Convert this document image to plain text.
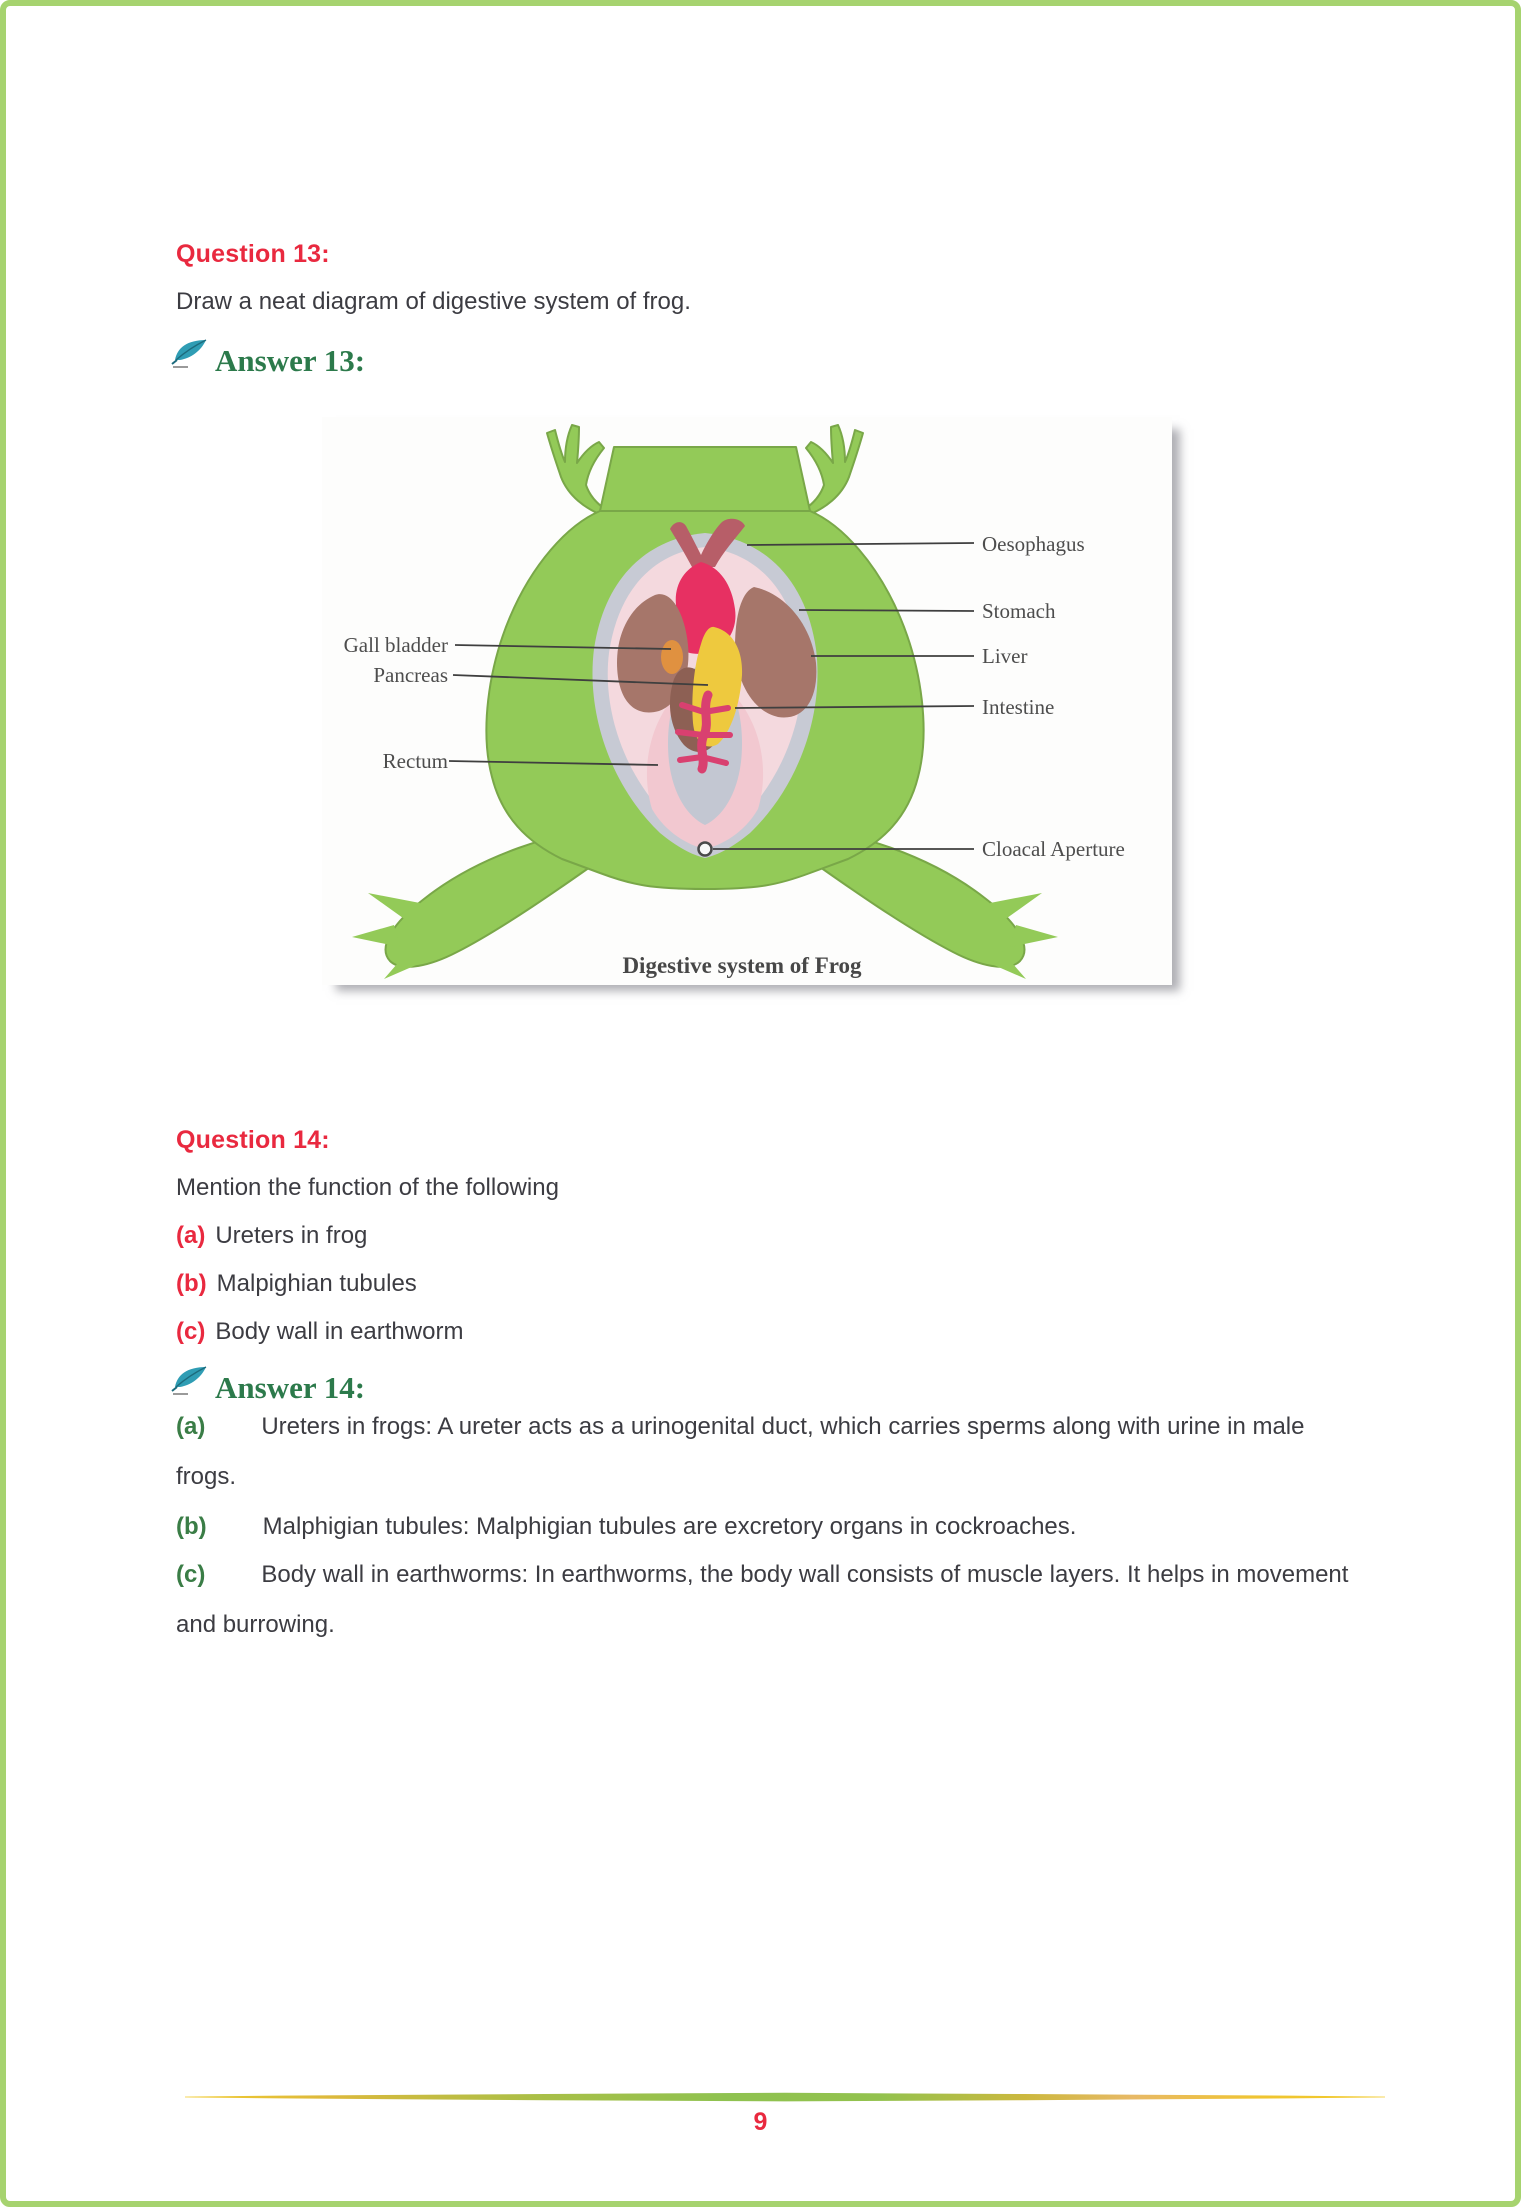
Question 13:
Draw a neat diagram of digestive system of frog.
Answer 13:
Oesophagus
Stomach
Liver
Intestine
Cloacal Aperture
Gall bladder
Pancreas
Rectum
Digestive system of Frog
Question 14:
Mention the function of the following
(a) Ureters in frog
(b) Malpighian tubules
(c) Body wall in earthworm
Answer 14:

(a) Ureters in frogs: A ureter acts as a urinogenital duct, which carries sperms along with urine in male frogs.

(b) Malphigian tubules: Malphigian tubules are excretory organs in cockroaches.

(c) Body wall in earthworms: In earthworms, the body wall consists of muscle layers. It helps in movement and burrowing.

9
